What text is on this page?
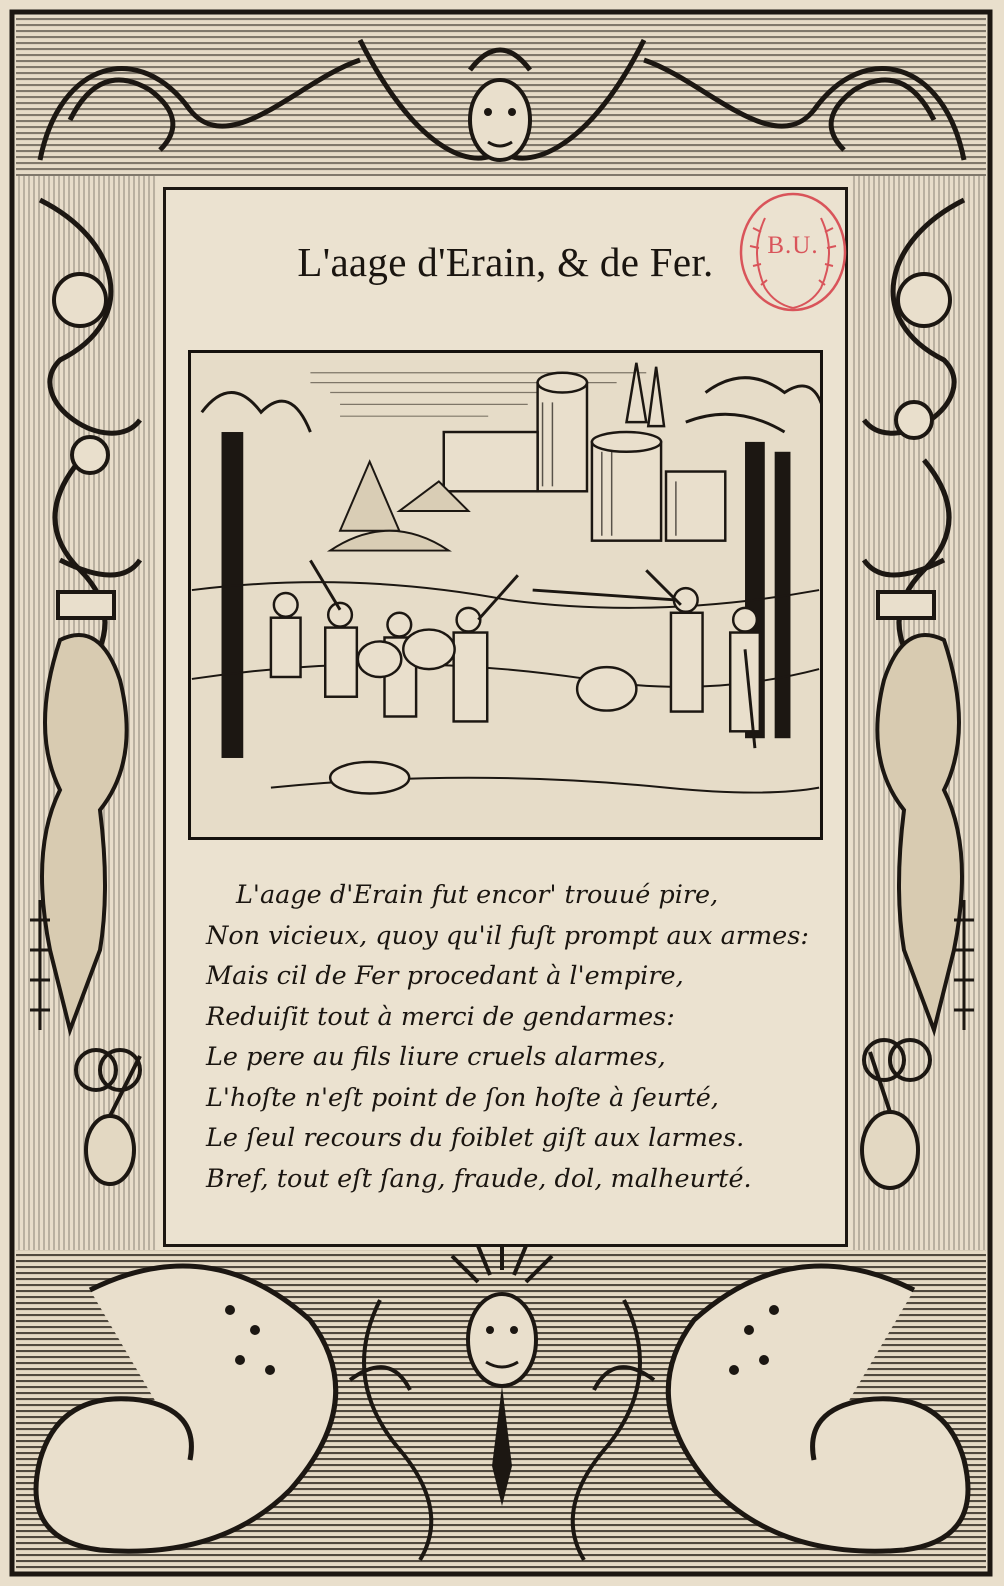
L'aage d'Erain, & de Fer.
L'aage d'Erain fut encor' trouué pire,
Non vicieux, quoy qu'il fuſt prompt aux armes:
Mais cil de Fer procedant à l'empire,
Reduiſit tout à merci de gendarmes:
Le pere au fils liure cruels alarmes,
L'hoſte n'eſt point de ſon hoſte à ſeurté,
Le ſeul recours du foiblet giſt aux larmes.
Bref, tout eſt ſang, fraude, dol, malheurté.
B.U.
